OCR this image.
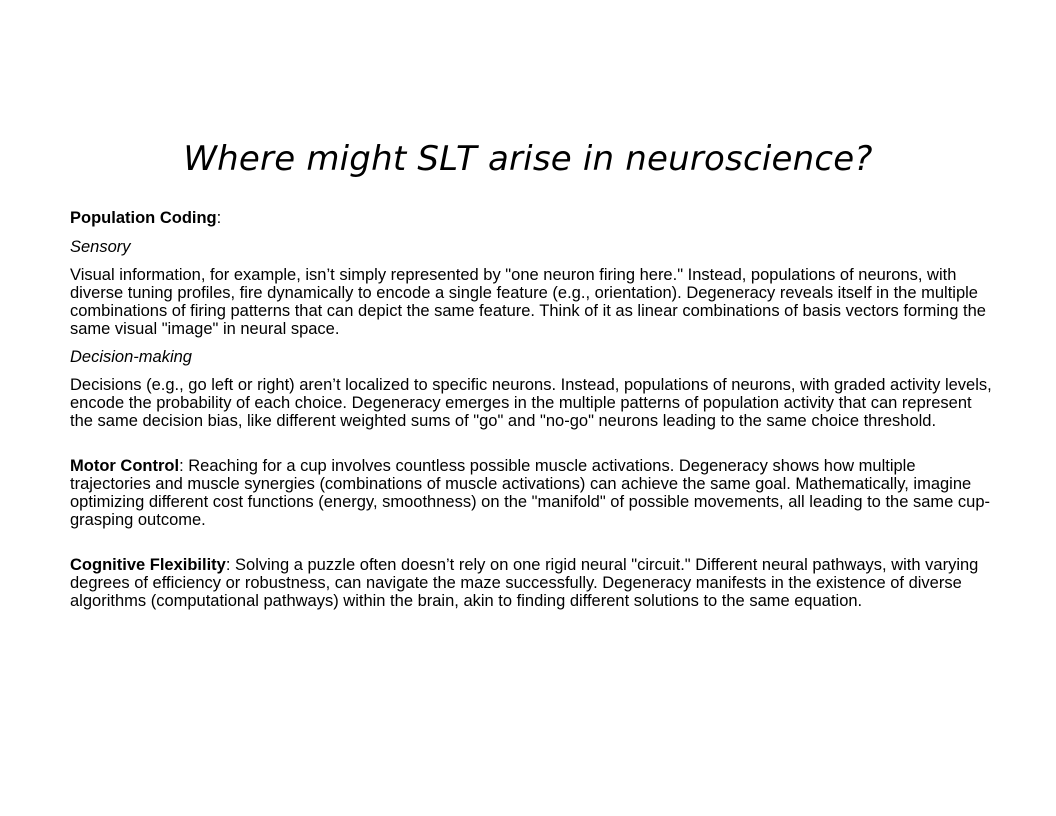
Where might SLT arise in neuroscience?

Population Coding:

Sensory

Visual information, for example, isn’t simply represented by "one neuron firing here." Instead, populations of neurons, with diverse tuning profiles, fire dynamically to encode a single feature (e.g., orientation). Degeneracy reveals itself in the multiple combinations of firing patterns that can depict the same feature. Think of it as linear combinations of basis vectors forming the same visual "image" in neural space.

Decision-making

Decisions (e.g., go left or right) aren’t localized to specific neurons. Instead, populations of neurons, with graded activity levels, encode the probability of each choice. Degeneracy emerges in the multiple patterns of population activity that can represent the same decision bias, like different weighted sums of "go" and "no-go" neurons leading to the same choice threshold.

Motor Control: Reaching for a cup involves countless possible muscle activations. Degeneracy shows how multiple trajectories and muscle synergies (combinations of muscle activations) can achieve the same goal. Mathematically, imagine optimizing different cost functions (energy, smoothness) on the "manifold" of possible movements, all leading to the same cup-grasping outcome.

Cognitive Flexibility: Solving a puzzle often doesn’t rely on one rigid neural "circuit." Different neural pathways, with varying degrees of efficiency or robustness, can navigate the maze successfully. Degeneracy manifests in the existence of diverse algorithms (computational pathways) within the brain, akin to finding different solutions to the same equation.
